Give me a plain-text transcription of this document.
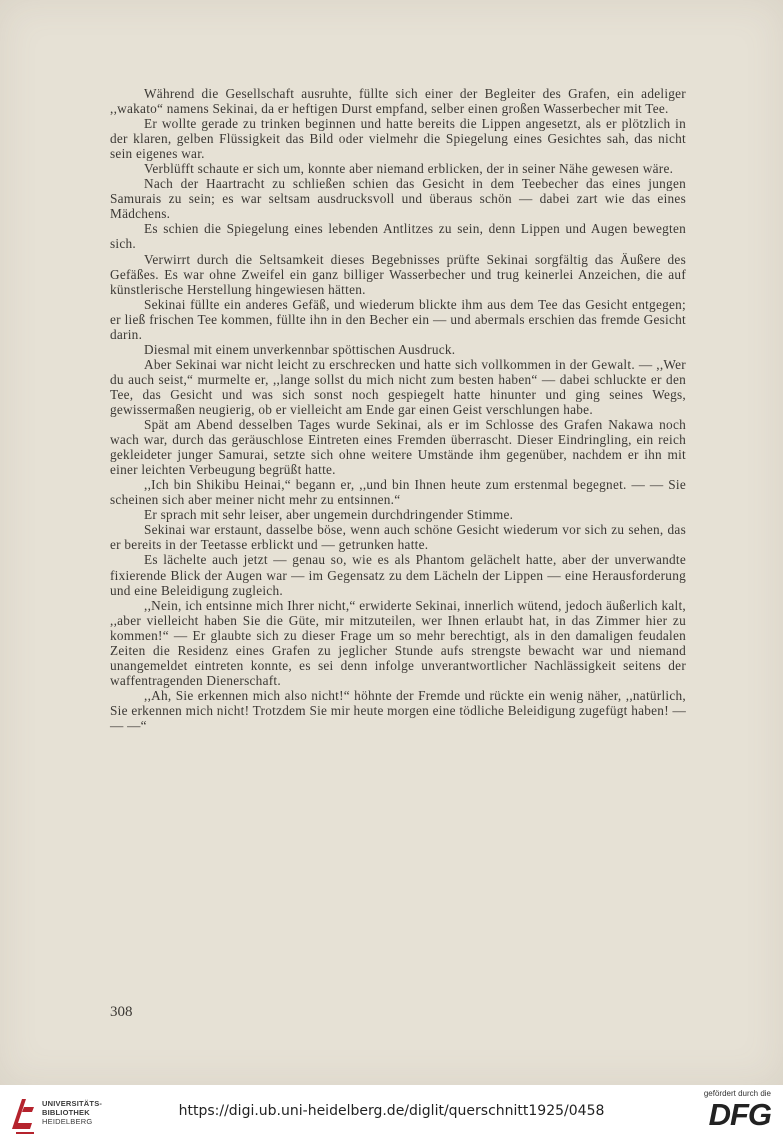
Während die Gesellschaft ausruhte, füllte sich einer der Begleiter des Grafen, ein adeliger ,,wakato“ namens Sekinai, da er heftigen Durst empfand, selber einen großen Wasserbecher mit Tee.

Er wollte gerade zu trinken beginnen und hatte bereits die Lippen angesetzt, als er plötzlich in der klaren, gelben Flüssigkeit das Bild oder vielmehr die Spiegelung eines Gesichtes sah, das nicht sein eigenes war.

Verblüfft schaute er sich um, konnte aber niemand erblicken, der in seiner Nähe gewesen wäre.

Nach der Haartracht zu schließen schien das Gesicht in dem Teebecher das eines jungen Samurais zu sein; es war seltsam ausdrucksvoll und überaus schön — dabei zart wie das eines Mädchens.

Es schien die Spiegelung eines lebenden Antlitzes zu sein, denn Lippen und Augen bewegten sich.

Verwirrt durch die Seltsamkeit dieses Begebnisses prüfte Sekinai sorgfältig das Äußere des Gefäßes. Es war ohne Zweifel ein ganz billiger Wasserbecher und trug keinerlei Anzeichen, die auf künstlerische Herstellung hingewiesen hätten.

Sekinai füllte ein anderes Gefäß, und wiederum blickte ihm aus dem Tee das Gesicht entgegen; er ließ frischen Tee kommen, füllte ihn in den Becher ein — und abermals erschien das fremde Gesicht darin.

Diesmal mit einem unverkennbar spöttischen Ausdruck.

Aber Sekinai war nicht leicht zu erschrecken und hatte sich vollkommen in der Gewalt. — ,,Wer du auch seist,“ murmelte er, ,,lange sollst du mich nicht zum besten haben“ — dabei schluckte er den Tee, das Gesicht und was sich sonst noch gespiegelt hatte hinunter und ging seines Wegs, gewissermaßen neugierig, ob er vielleicht am Ende gar einen Geist verschlungen habe.

Spät am Abend desselben Tages wurde Sekinai, als er im Schlosse des Grafen Nakawa noch wach war, durch das geräuschlose Eintreten eines Fremden überrascht. Dieser Eindringling, ein reich gekleideter junger Samurai, setzte sich ohne weitere Umstände ihm gegenüber, nachdem er ihn mit einer leichten Verbeugung begrüßt hatte.

,,Ich bin Shikibu Heinai,“ begann er, ,,und bin Ihnen heute zum erstenmal begegnet. — — Sie scheinen sich aber meiner nicht mehr zu entsinnen.“

Er sprach mit sehr leiser, aber ungemein durchdringender Stimme.

Sekinai war erstaunt, dasselbe böse, wenn auch schöne Gesicht wiederum vor sich zu sehen, das er bereits in der Teetasse erblickt und — getrunken hatte.

Es lächelte auch jetzt — genau so, wie es als Phantom gelächelt hatte, aber der unverwandte fixierende Blick der Augen war — im Gegensatz zu dem Lächeln der Lippen — eine Herausforderung und eine Beleidigung zugleich.

,,Nein, ich entsinne mich Ihrer nicht,“ erwiderte Sekinai, innerlich wütend, jedoch äußerlich kalt, ,,aber vielleicht haben Sie die Güte, mir mitzuteilen, wer Ihnen erlaubt hat, in das Zimmer hier zu kommen!“ — Er glaubte sich zu dieser Frage um so mehr berechtigt, als in den damaligen feudalen Zeiten die Residenz eines Grafen zu jeglicher Stunde aufs strengste bewacht war und niemand unangemeldet eintreten konnte, es sei denn infolge unverantwortlicher Nachlässigkeit seitens der waffentragenden Dienerschaft.

,,Ah, Sie erkennen mich also nicht!“ höhnte der Fremde und rückte ein wenig näher, ,,natürlich, Sie erkennen mich nicht! Trotzdem Sie mir heute morgen eine tödliche Beleidigung zugefügt haben! — — —“

308
UNIVERSITÄTS-
BIBLIOTHEK
HEIDELBERG
https://digi.ub.uni-heidelberg.de/diglit/querschnitt1925/0458
gefördert durch die
DFG
